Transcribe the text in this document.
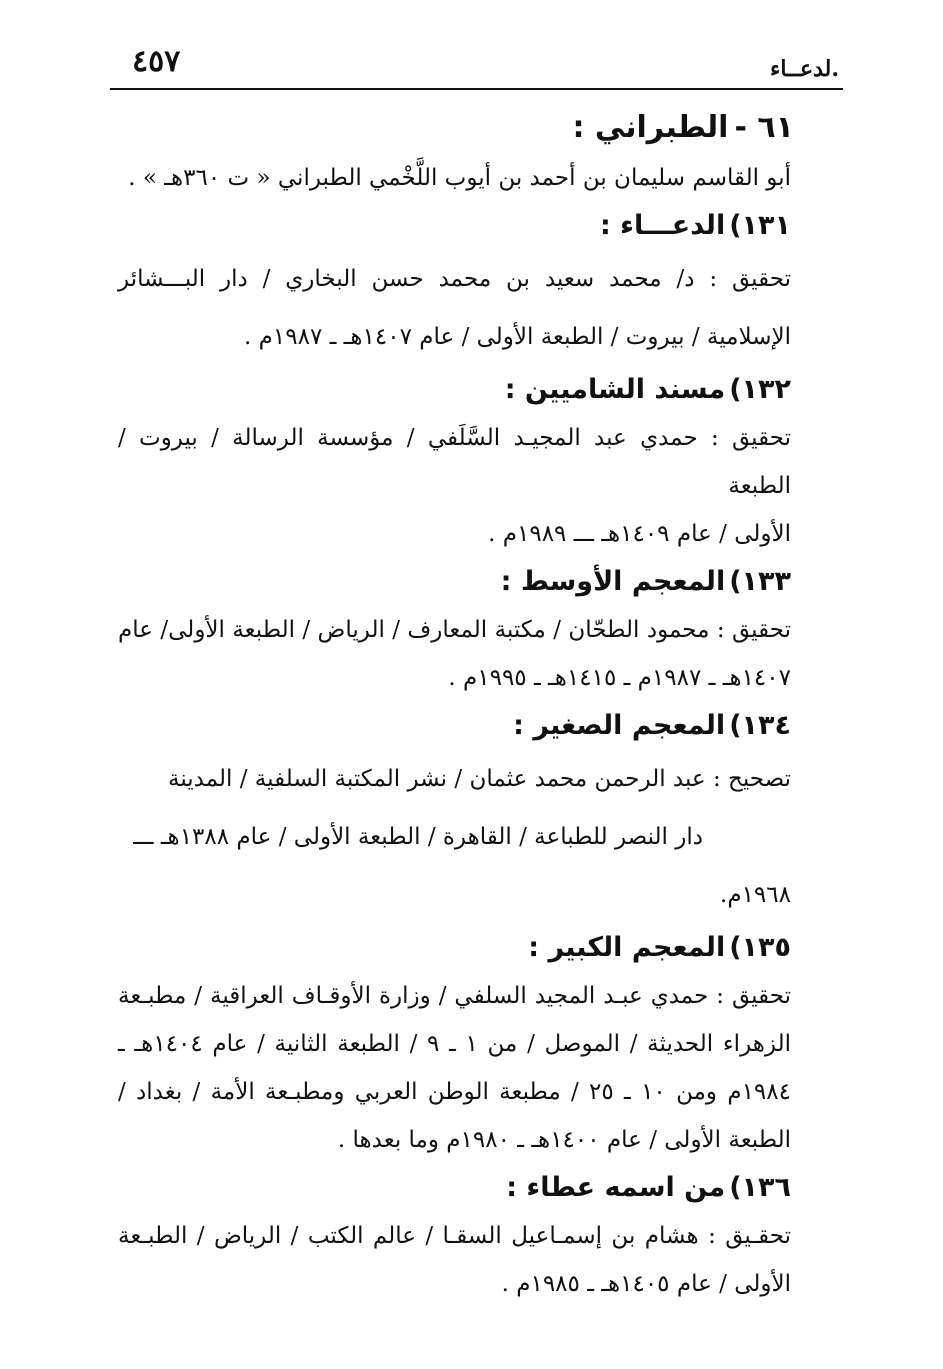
٤٥٧	.لدعــاء
٦١ -الطبراني :

أبو القاسم سليمان بن أحمد بن أيوب اللَّخْمي الطبراني « ت ٣٦٠هـ » .

١٣١)الدعـــاء :

تحقيق : د/ محمد سعيد بن محمد حسن البخاري / دار البـــشائر

الإسلامية / بيروت / الطبعة الأولى / عام ١٤٠٧هـ ـ ١٩٨٧م .

١٣٢)مسند الشاميين :

تحقيق : حمدي عبد المجيـد السَّلَفي / مؤسسة الرسالة / بيروت / الطبعة

الأولى / عام ١٤٠٩هـ ـــ ١٩٨٩م .

١٣٣)المعجم الأوسط :

تحقيق : محمود الطحّان / مكتبة المعارف / الرياض / الطبعة الأولى/ عام

١٤٠٧هـ ـ ١٩٨٧م ـ ١٤١٥هـ ـ ١٩٩٥م .

١٣٤)المعجم الصغير :

تصحيح : عبد الرحمن محمد عثمان / نشر المكتبة السلفية / المدينة

دار النصر للطباعة / القاهرة / الطبعة الأولى / عام ١٣٨٨هـ ـــ

١٩٦٨م.

١٣٥)المعجم الكبير :

تحقيق : حمدي عبـد المجيد السلفي / وزارة الأوقـاف العراقية / مطبـعة

الزهراء الحديثة / الموصل / من ١ ـ ٩ / الطبعة الثانية / عام ١٤٠٤هـ ـ

١٩٨٤م ومن ١٠ ـ ٢٥ / مطبعة الوطن العربي ومطبـعة الأمة / بغداد /

الطبعة الأولى / عام ١٤٠٠هـ ـ ١٩٨٠م وما بعدها .

١٣٦)من اسمه عطاء :

تحقـيق : هشام بن إسمـاعيل السقـا / عالم الكتب / الرياض / الطبـعة

الأولى / عام ١٤٠٥هـ ـ ١٩٨٥م .
